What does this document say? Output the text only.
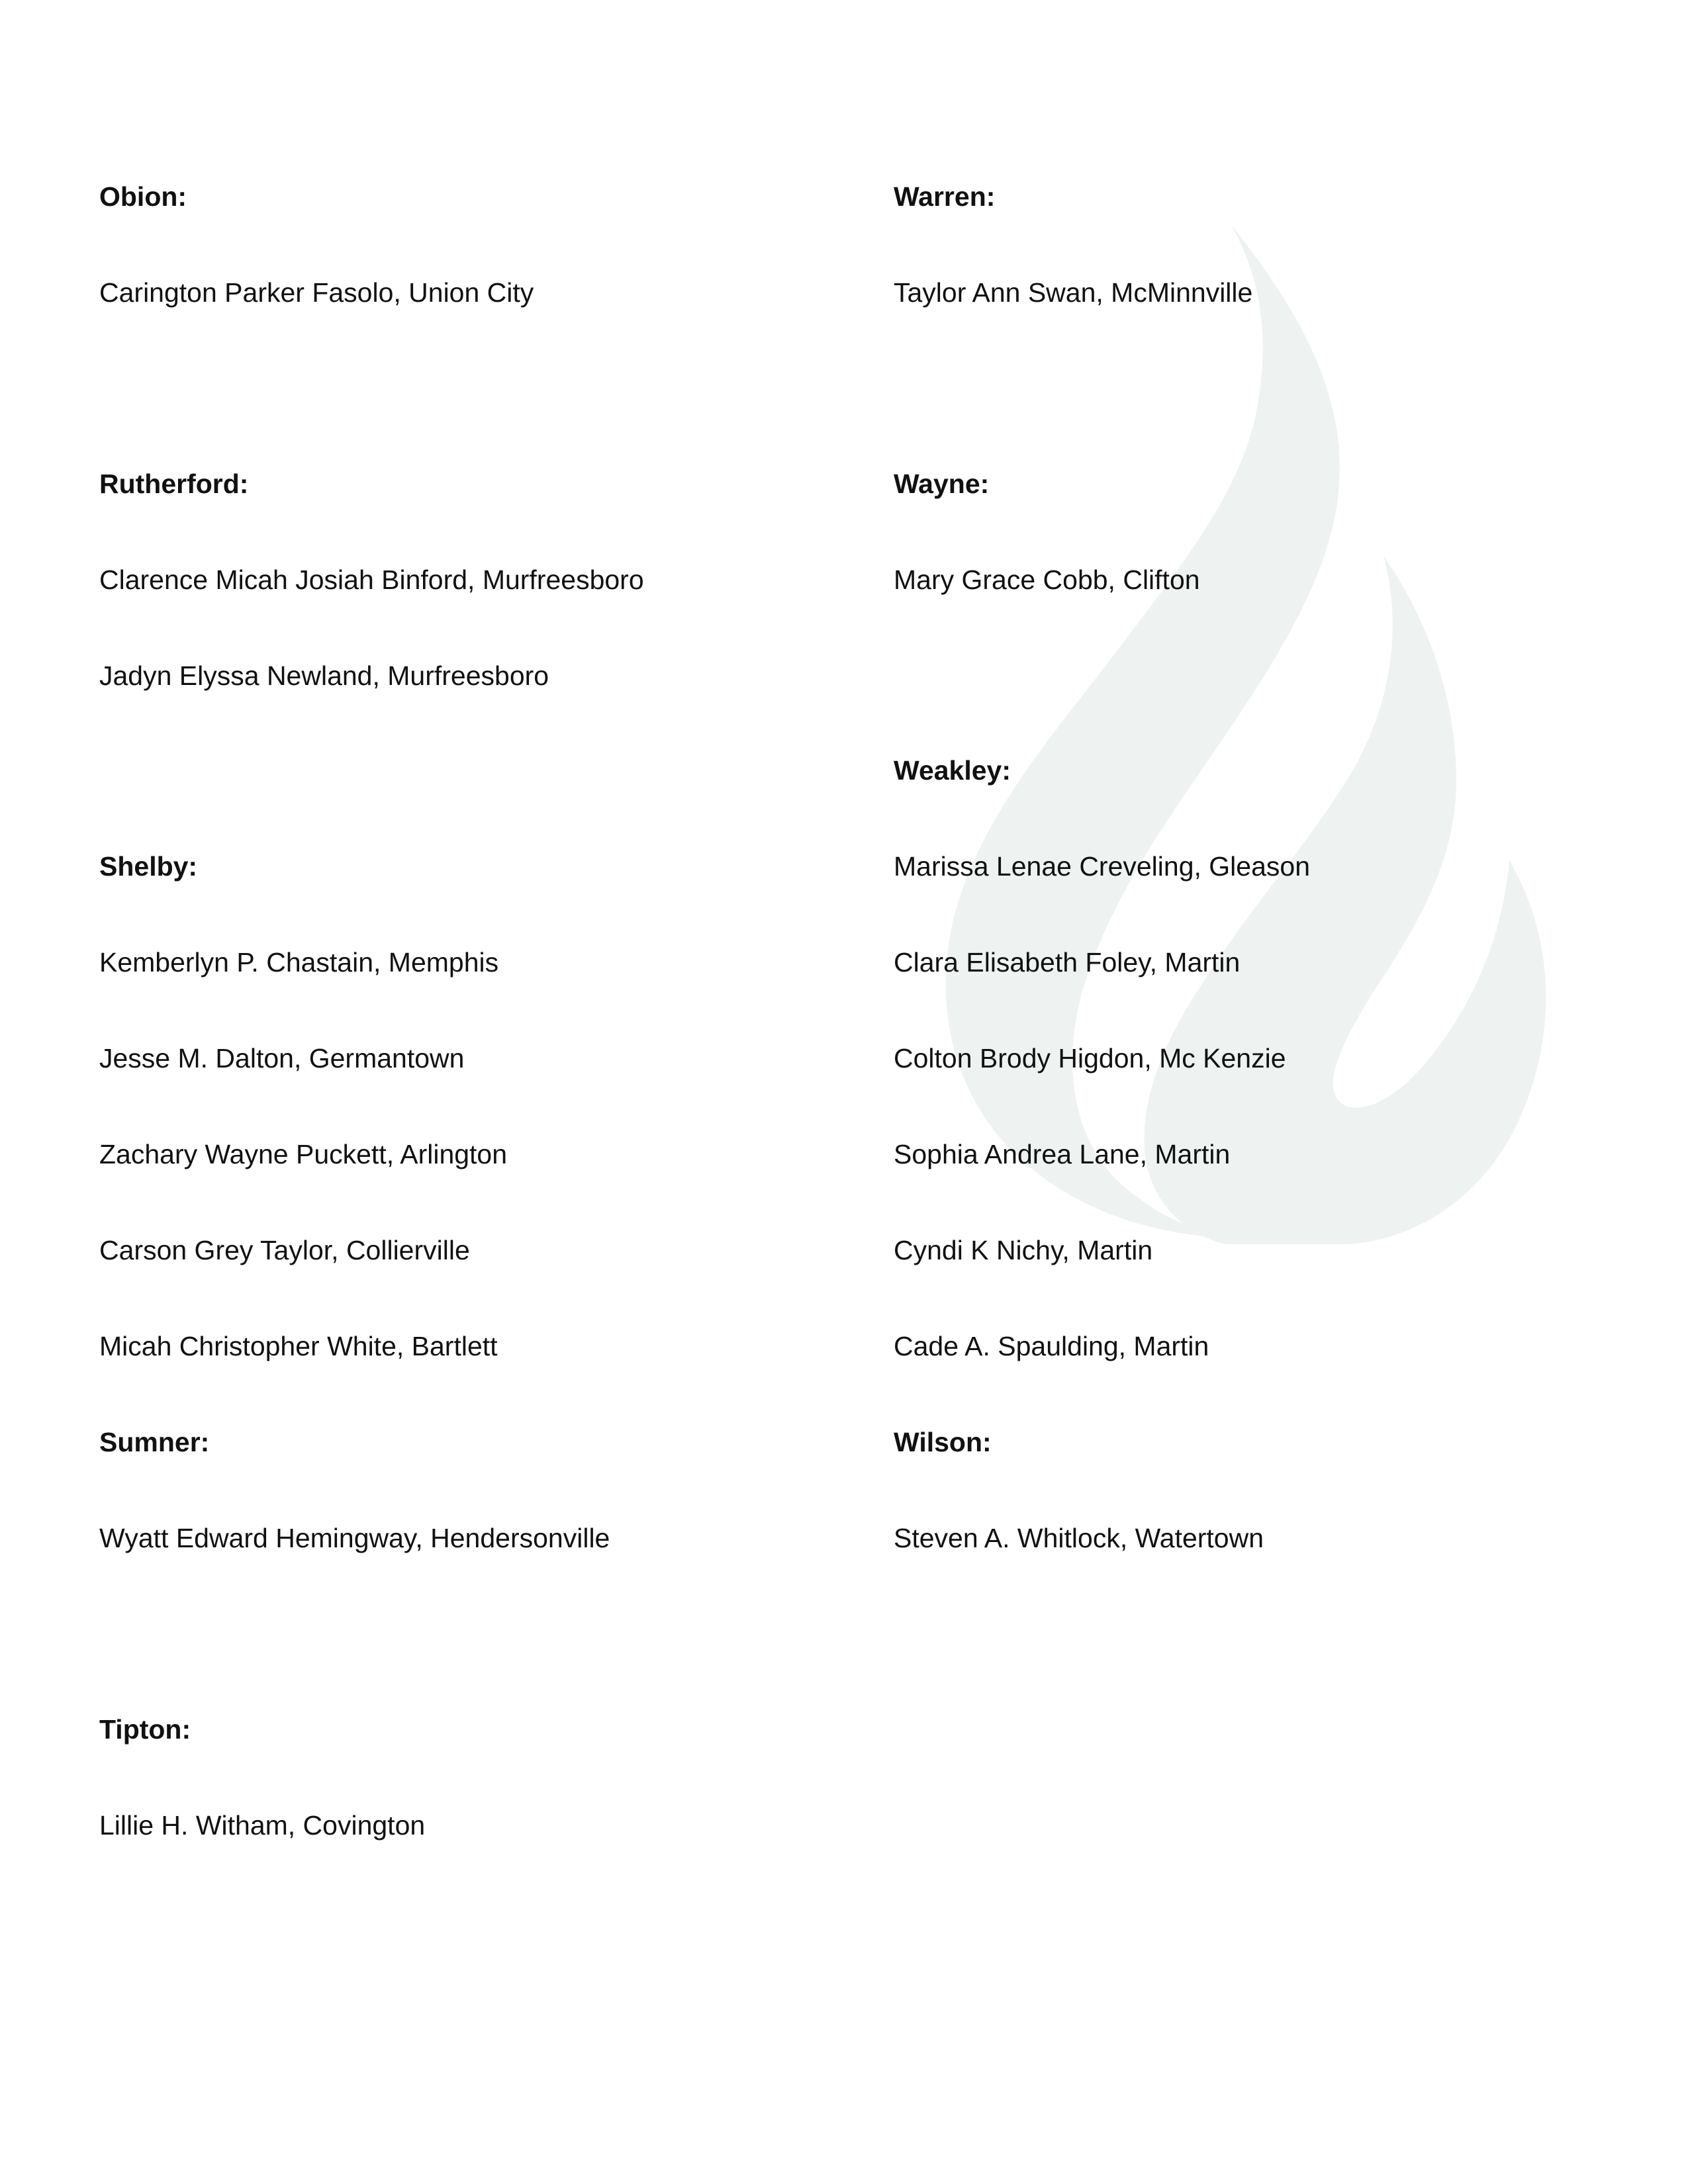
Obion:
Carington Parker Fasolo, Union City
Rutherford:
Clarence Micah Josiah Binford, Murfreesboro
Jadyn Elyssa Newland, Murfreesboro
Shelby:
Kemberlyn P. Chastain, Memphis
Jesse M. Dalton, Germantown
Zachary Wayne Puckett, Arlington
Carson Grey Taylor, Collierville
Micah Christopher White, Bartlett
Sumner:
Wyatt Edward Hemingway, Hendersonville
Tipton:
Lillie H. Witham, Covington
Warren:
Taylor Ann Swan, McMinnville
Wayne:
Mary Grace Cobb, Clifton
Weakley:
Marissa Lenae Creveling, Gleason
Clara Elisabeth Foley, Martin
Colton Brody Higdon, Mc Kenzie
Sophia Andrea Lane, Martin
Cyndi K Nichy, Martin
Cade A. Spaulding, Martin
Wilson:
Steven A. Whitlock, Watertown
